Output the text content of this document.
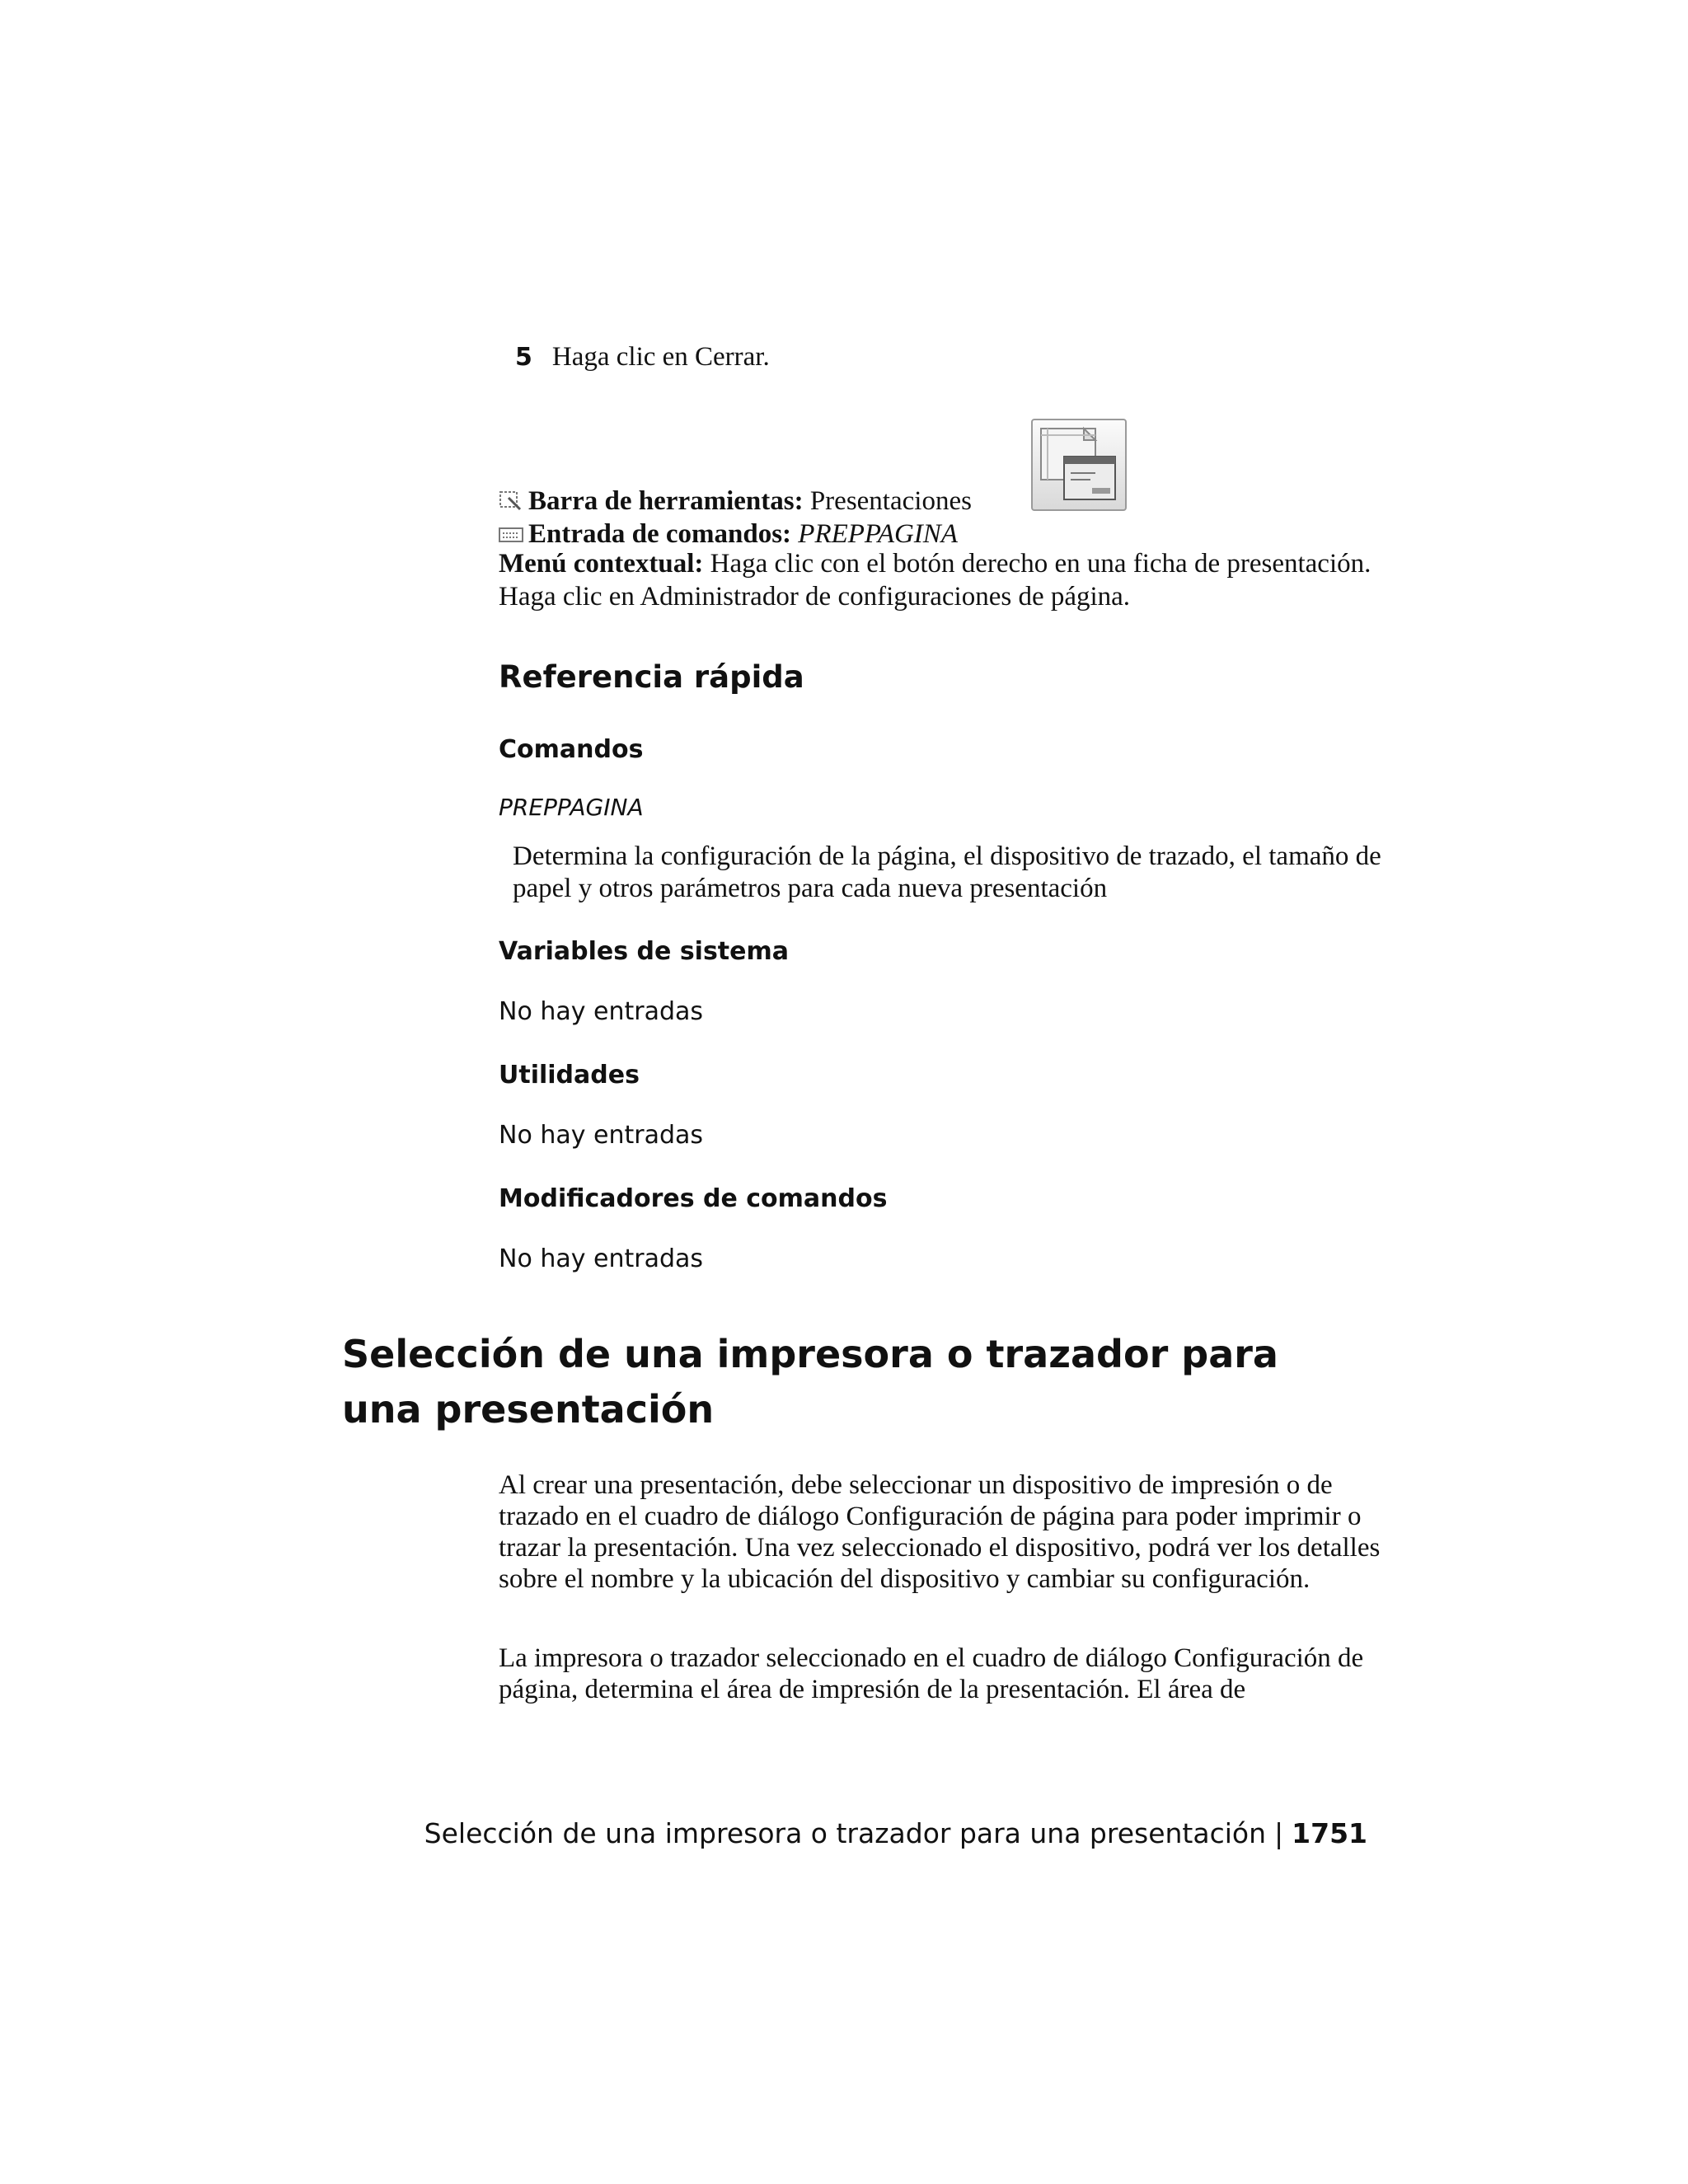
5 Haga clic en Cerrar.
Barra de herramientas: Presentaciones
Entrada de comandos: PREPPAGINA
Menú contextual: Haga clic con el botón derecho en una ficha de presentación. Haga clic en Administrador de configuraciones de página.
Referencia rápida
Comandos
PREPPAGINA
Determina la configuración de la página, el dispositivo de trazado, el tamaño de papel y otros parámetros para cada nueva presentación
Variables de sistema
No hay entradas
Utilidades
No hay entradas
Modificadores de comandos
No hay entradas
Selección de una impresora o trazador para una presentación

Al crear una presentación, debe seleccionar un dispositivo de impresión o de trazado en el cuadro de diálogo Configuración de página para poder imprimir o trazar la presentación. Una vez seleccionado el dispositivo, podrá ver los detalles sobre el nombre y la ubicación del dispositivo y cambiar su configuración.

La impresora o trazador seleccionado en el cuadro de diálogo Configuración de página, determina el área de impresión de la presentación. El área de

Selección de una impresora o trazador para una presentación | 1751
